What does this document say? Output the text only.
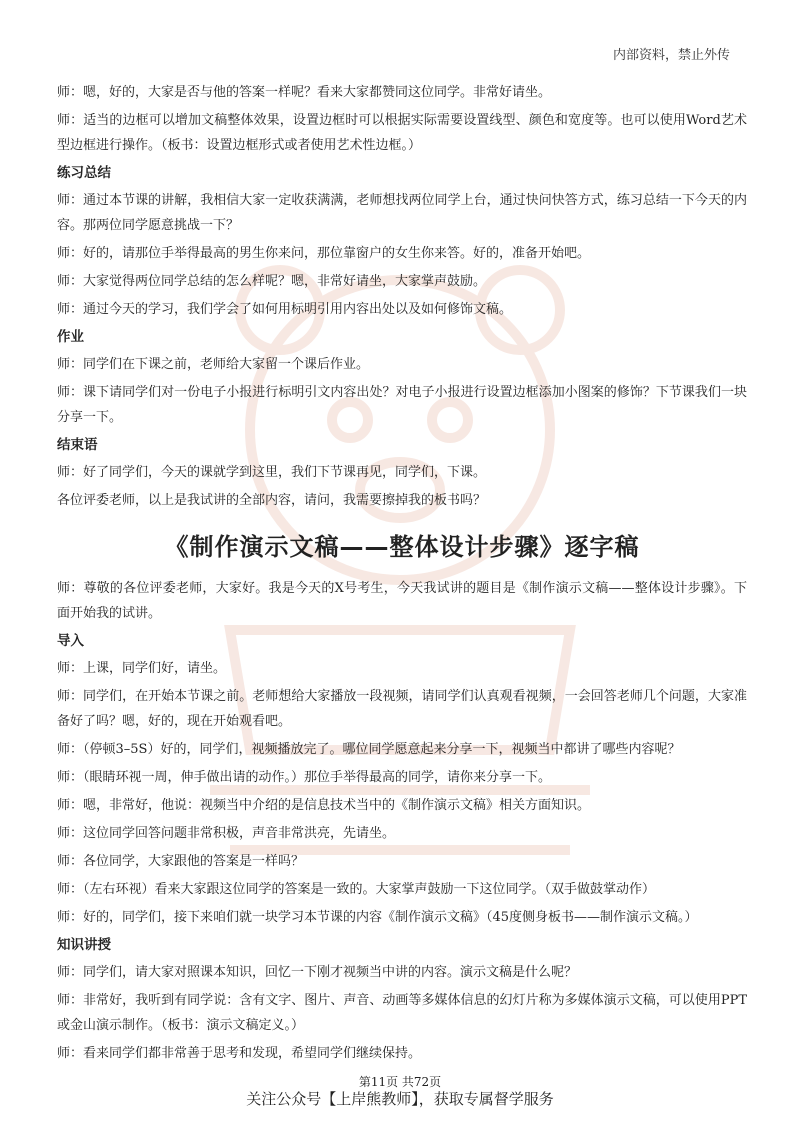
内部资料，禁止外传
师：嗯，好的，大家是否与他的答案一样呢？看来大家都赞同这位同学。非常好请坐。
师：适当的边框可以增加文稿整体效果，设置边框时可以根据实际需要设置线型、颜色和宽度等。也可以使用Word艺术型边框进行操作。（板书：设置边框形式或者使用艺术性边框。）
练习总结
师：通过本节课的讲解，我相信大家一定收获满满，老师想找两位同学上台，通过快问快答方式，练习总结一下今天的内容。那两位同学愿意挑战一下？
师：好的，请那位手举得最高的男生你来问，那位靠窗户的女生你来答。好的，准备开始吧。
师：大家觉得两位同学总结的怎么样呢？嗯，非常好请坐，大家掌声鼓励。
师：通过今天的学习，我们学会了如何用标明引用内容出处以及如何修饰文稿。
作业
师：同学们在下课之前，老师给大家留一个课后作业。
师：课下请同学们对一份电子小报进行标明引文内容出处？对电子小报进行设置边框添加小图案的修饰？下节课我们一块分享一下。
结束语
师：好了同学们，今天的课就学到这里，我们下节课再见，同学们，下课。
各位评委老师，以上是我试讲的全部内容，请问，我需要擦掉我的板书吗？
《制作演示文稿——整体设计步骤》逐字稿
师：尊敬的各位评委老师，大家好。我是今天的X号考生，今天我试讲的题目是《制作演示文稿——整体设计步骤》。下面开始我的试讲。
导入
师：上课，同学们好，请坐。
师：同学们，在开始本节课之前。老师想给大家播放一段视频，请同学们认真观看视频，一会回答老师几个问题，大家准备好了吗？嗯，好的，现在开始观看吧。
师：（停顿3–5S）好的，同学们，视频播放完了。哪位同学愿意起来分享一下，视频当中都讲了哪些内容呢？
师：（眼睛环视一周，伸手做出请的动作。）那位手举得最高的同学，请你来分享一下。
师：嗯，非常好，他说：视频当中介绍的是信息技术当中的《制作演示文稿》相关方面知识。
师：这位同学回答问题非常积极，声音非常洪亮，先请坐。
师：各位同学，大家跟他的答案是一样吗？
师：（左右环视）看来大家跟这位同学的答案是一致的。大家掌声鼓励一下这位同学。（双手做鼓掌动作）
师：好的，同学们，接下来咱们就一块学习本节课的内容《制作演示文稿》（45度侧身板书——制作演示文稿。）
知识讲授
师：同学们，请大家对照课本知识，回忆一下刚才视频当中讲的内容。演示文稿是什么呢？
师：非常好，我听到有同学说：含有文字、图片、声音、动画等多媒体信息的幻灯片称为多媒体演示文稿，可以使用PPT或金山演示制作。（板书：演示文稿定义。）
师：看来同学们都非常善于思考和发现，希望同学们继续保持。
第11页 共72页
关注公众号【上岸熊教师】，获取专属督学服务
